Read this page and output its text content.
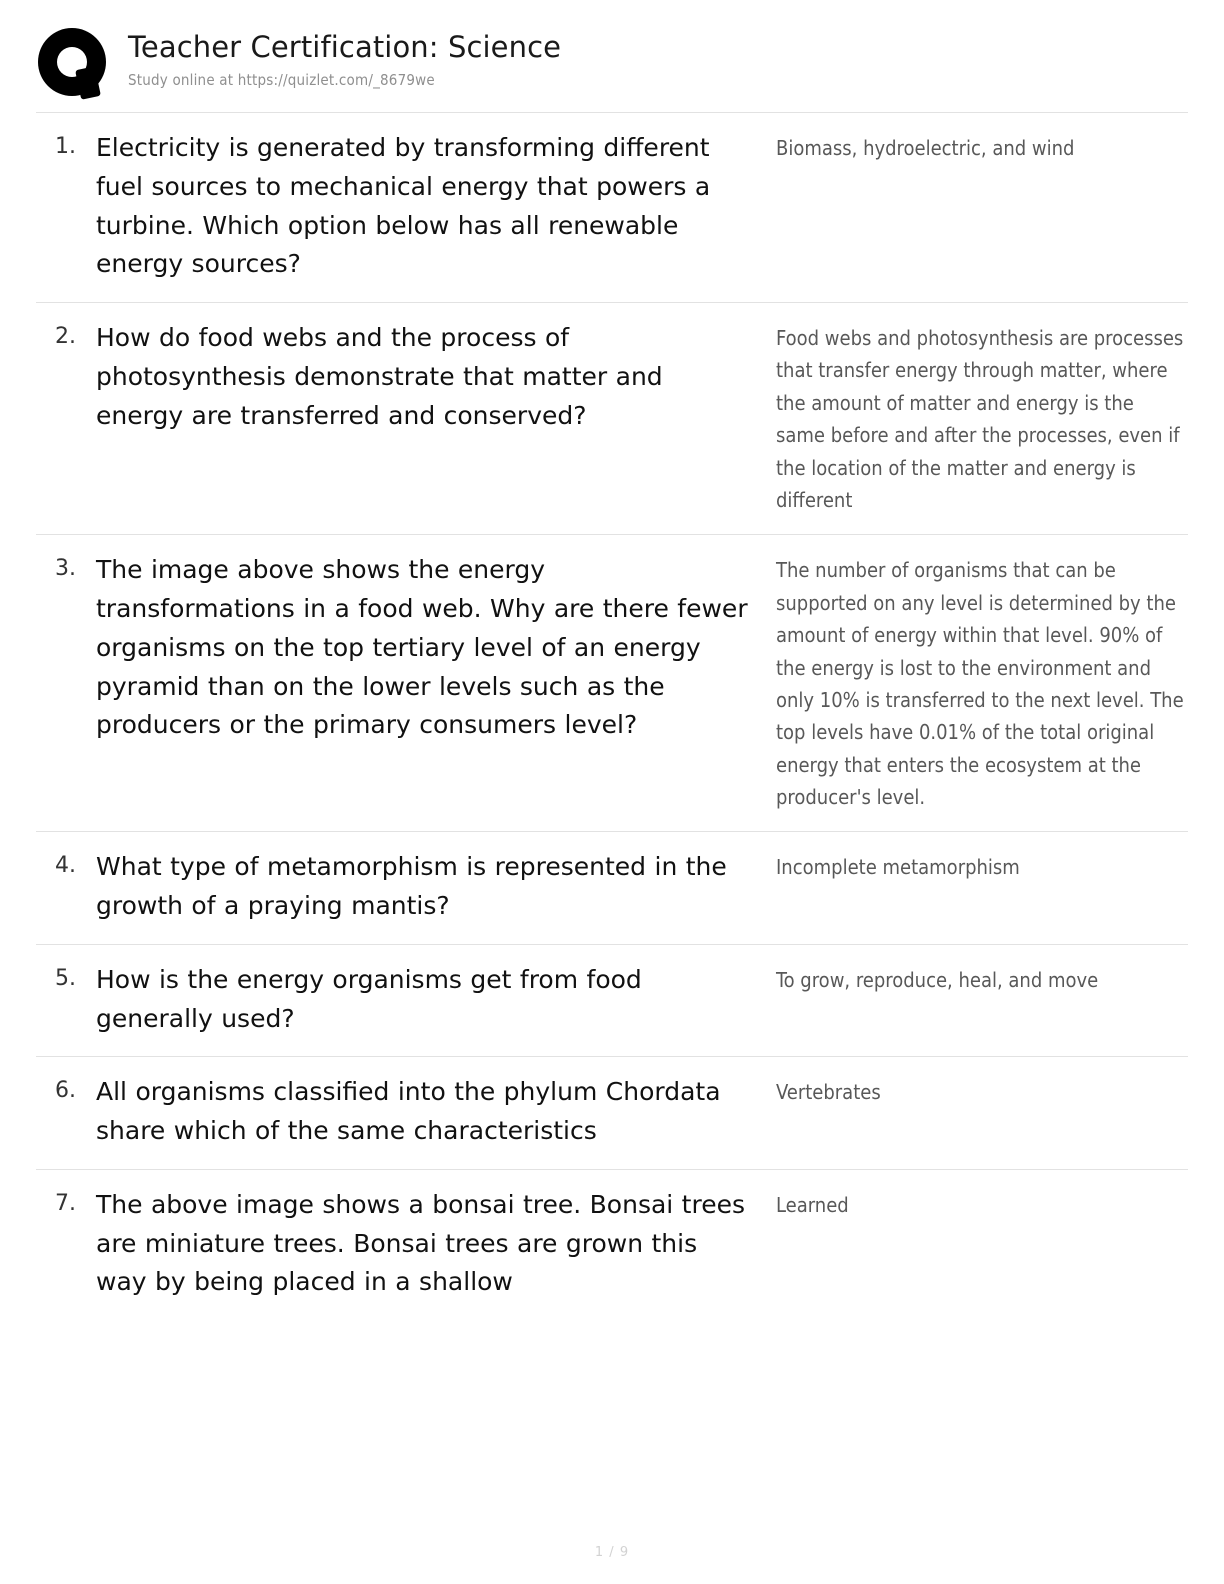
Teacher Certification: Science
Study online at https://quizlet.com/_8679we
1. Electricity is generated by transforming different fuel sources to mechanical energy that powers a turbine. Which option below has all renewable energy sources?
Biomass, hydroelectric, and wind
2. How do food webs and the process of photosynthesis demonstrate that matter and energy are transferred and conserved?
Food webs and photosynthesis are processes that transfer energy through matter, where the amount of matter and energy is the same before and after the processes, even if the location of the matter and energy is different
3. The image above shows the energy transformations in a food web. Why are there fewer organisms on the top tertiary level of an energy pyramid than on the lower levels such as the producers or the primary consumers level?
The number of organisms that can be supported on any level is determined by the amount of energy within that level. 90% of the energy is lost to the environment and only 10% is transferred to the next level. The top levels have 0.01% of the total original energy that enters the ecosystem at the producer's level.
4. What type of metamorphism is represented in the growth of a praying mantis?
Incomplete metamorphism
5. How is the energy organisms get from food generally used?
To grow, reproduce, heal, and move
6. All organisms classified into the phylum Chordata share which of the same characteristics
Vertebrates
7. The above image shows a bonsai tree. Bonsai trees are miniature trees. Bonsai trees are grown this way by being placed in a shallow
Learned
1 / 9
